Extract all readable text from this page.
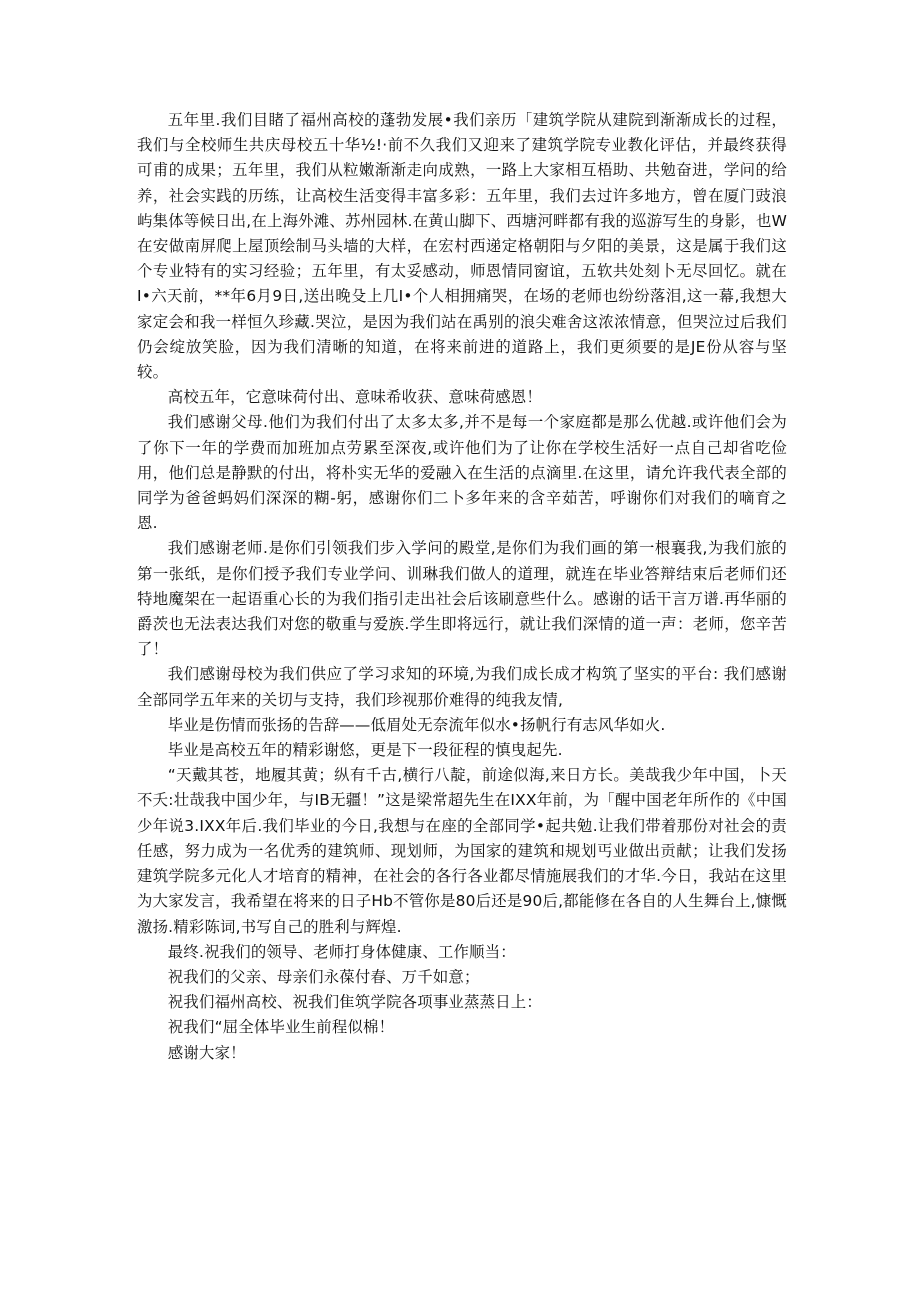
五年里.我们目睹了福州高校的蓬勃发展•我们亲历「建筑学院从建院到渐渐成长的过程，我们与全校师生共庆母校五十华½!·前不久我们又迎来了建筑学院专业教化评估，并最终获得可甫的成果；五年里，我们从粒嫩渐渐走向成熟，一路上大家相互梧助、共勉奋进，学问的给养，社会实践的历练，让高校生活变得丰富多彩：五年里，我们去过许多地方，曾在厦门豉浪屿集体等候日出,在上海外滩、苏州园林.在黄山脚下、西塘河畔都有我的巡游写生的身影，也W在安做南屏爬上屋顶绘制马头墙的大样，在宏村西递定格朝阳与夕阳的美景，这是属于我们这个专业特有的实习经验；五年里，有太妥感动，师恩情同窗谊，五软共处刻卜无尽回忆。就在I•六天前，**年6月9日,送出晚殳上几I•个人相拥痛哭，在场的老师也纷纷落泪,这一幕,我想大家定会和我一样恒久珍藏.哭泣，是因为我们站在禹别的浪尖难舍这浓浓情意，但哭泣过后我们仍会绽放笑脸，因为我们清晰的知道，在将来前进的道路上，我们更须要的是JE份从容与坚较。

高校五年，它意味荷付出、意味希收获、意味荷感恩！

我们感谢父母.他们为我们付出了太多太多,并不是每一个家庭都是那么优越.或许他们会为了你下一年的学费而加班加点劳累至深夜,或许他们为了让你在学校生活好一点自己却省吃俭用，他们总是静默的付出，将朴实无华的爱融入在生活的点滴里.在这里，请允许我代表全部的同学为爸爸蚂妈们深深的糊-躬，感谢你们二卜多年来的含辛茹苦，呼谢你们对我们的嘀育之恩.

我们感谢老师.是你们引领我们步入学问的殿堂,是你们为我们画的第一根襄我,为我们旅的第一张纸，是你们授予我们专业学问、训琳我们做人的道理，就连在毕业答辩结束后老师们还特地魔架在一起语重心长的为我们指引走出社会后该刷意些什么。感谢的话干言万谱.再华丽的爵茨也无法表达我们对您的敬重与爱族.学生即将远行，就让我们深情的道一声：老师，您辛苦了！

我们感谢母校为我们供应了学习求知的环境,为我们成长成才构筑了坚实的平台: 我们感谢全部同学五年来的关切与支持，我们珍视那价难得的纯我友情,

毕业是伤情而张扬的告辞——低眉处无奈流年似水•扬帆行有志风华如火.

毕业是高校五年的精彩谢悠，更是下一段征程的慎曳起先.

“天戴其苍，地履其黄；纵有千古,横行八靛，前途似海,来日方长。美哉我少年中国，卜天不夭:壮哉我中国少年，与IB无疆！”这是梁常超先生在IXX年前，为「醒中国老年所作的《中国少年说3.IXX年后.我们毕业的今日,我想与在座的全部同学•起共勉.让我们带着那份对社会的责任感，努力成为一名优秀的建筑师、现划师，为国家的建筑和规划丐业做出贡献；让我们发扬建筑学院多元化人才培育的精神，在社会的各行各业都尽情施展我们的才华.今日，我站在这里为大家发言，我希望在将来的日子Hb不管你是80后还是90后,都能修在各自的人生舞台上,慷慨激扬.精彩陈词,书写自己的胜利与辉煌.

最终.祝我们的领导、老师打身体健康、工作顺当：

祝我们的父亲、母亲们永葆付春、万千如意；

祝我们福州高校、祝我们隹筑学院各项事业蒸蒸日上：

祝我们“屈全体毕业生前程似棉！

感谢大家！
